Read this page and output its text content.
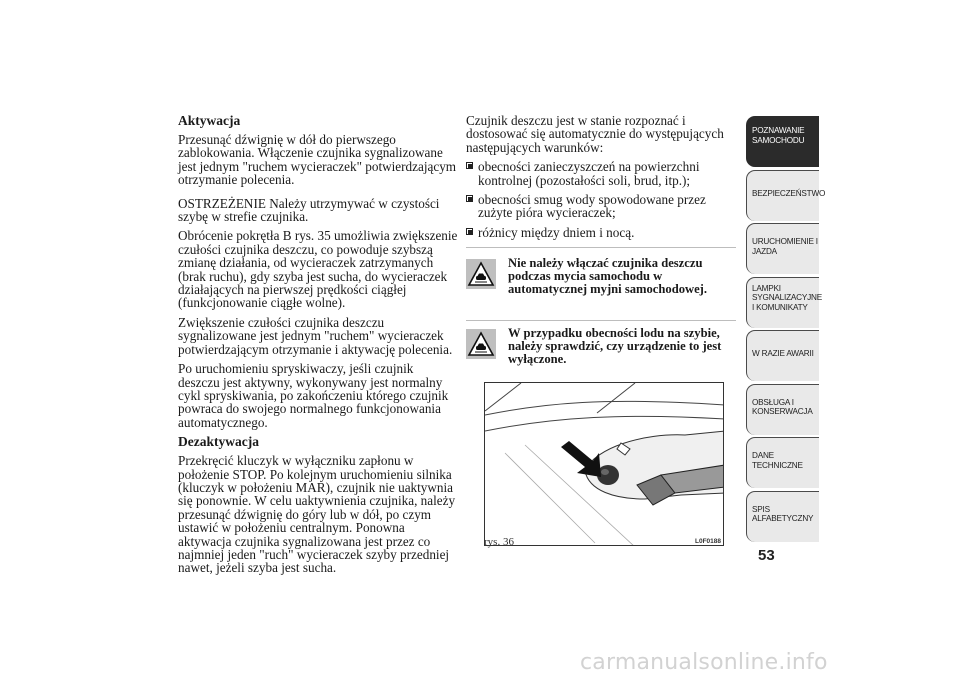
Aktywacja

Przesunąć dźwignię w dół do pierwszego zablokowania. Włączenie czujnika sygnalizowane jest jednym "ruchem wycieraczek" potwierdzającym otrzymanie polecenia.

OSTRZEŻENIE Należy utrzymywać w czystości szybę w strefie czujnika.

Obrócenie pokrętła B rys. 35 umożliwia zwiększenie czułości czujnika deszczu, co powoduje szybszą zmianę działania, od wycieraczek zatrzymanych (brak ruchu), gdy szyba jest sucha, do wycieraczek działających na pierwszej prędkości ciągłej (funkcjonowanie ciągłe wolne).

Zwiększenie czułości czujnika deszczu sygnalizowane jest jednym "ruchem" wycieraczek potwierdzającym otrzymanie i aktywację polecenia.

Po uruchomieniu spryskiwaczy, jeśli czujnik deszczu jest aktywny, wykonywany jest normalny cykl spryskiwania, po zakończeniu którego czujnik powraca do swojego normalnego funkcjonowania automatycznego.

Dezaktywacja

Przekręcić kluczyk w wyłączniku zapłonu w położenie STOP. Po kolejnym uruchomieniu silnika (kluczyk w położeniu MAR), czujnik nie uaktywnia się ponownie. W celu uaktywnienia czujnika, należy przesunąć dźwignię do góry lub w dół, po czym ustawić w położeniu centralnym. Ponowna aktywacja czujnika sygnalizowana jest przez co najmniej jeden "ruch" wycieraczek szyby przedniej nawet, jeżeli szyba jest sucha.

Czujnik deszczu jest w stanie rozpoznać i dostosować się automatycznie do występujących następujących warunków:

obecności zanieczyszczeń na powierzchni kontrolnej (pozostałości soli, brud, itp.);
obecności smug wody spowodowane przez zużyte pióra wycieraczek;
różnicy między dniem i nocą.

Nie należy włączać czujnika deszczu podczas mycia samochodu w automatycznej myjni samochodowej.

W przypadku obecności lodu na szybie, należy sprawdzić, czy urządzenie to jest wyłączone.

rys. 36	L0F0188
POZNAWANIE
SAMOCHODU
BEZPIECZEŃSTWO
URUCHOMIENIE I
JAZDA
LAMPKI
SYGNALIZACYJNE
I KOMUNIKATY
W RAZIE AWARII
OBSŁUGA I
KONSERWACJA
DANE
TECHNICZNE
SPIS
ALFABETYCZNY
53
carmanualsonline.info
